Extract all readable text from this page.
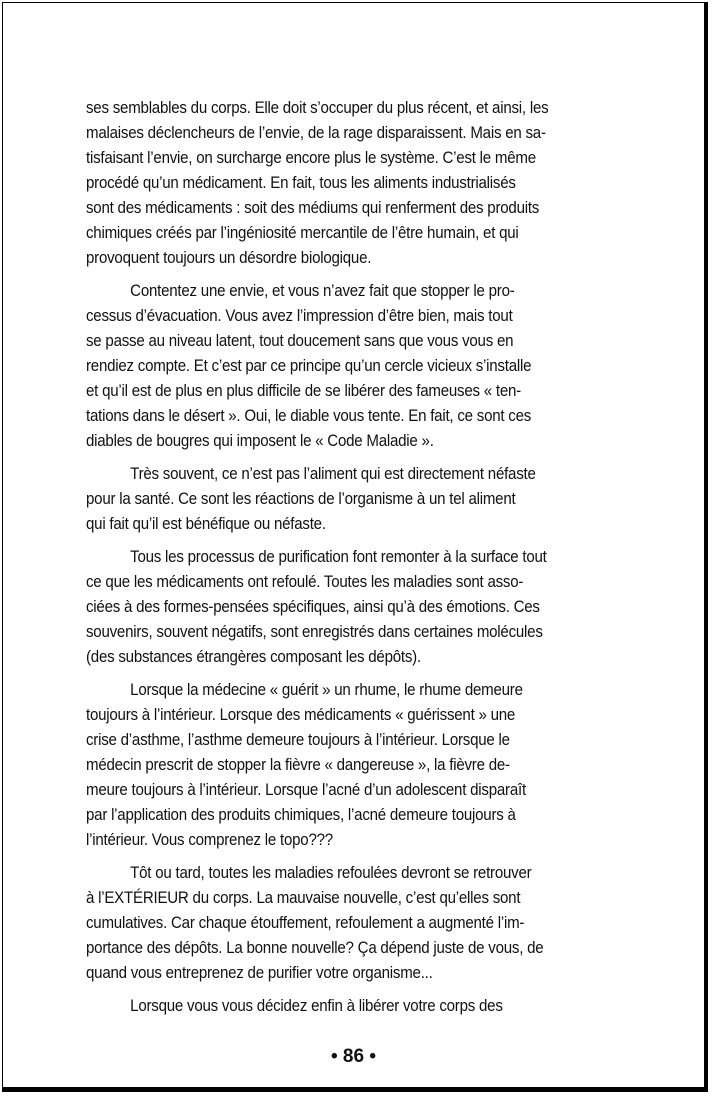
ses semblables du corps. Elle doit s’occuper du plus récent, et ainsi, les
malaises déclencheurs de l’envie, de la rage disparaissent. Mais en sa-
tisfaisant l’envie, on surcharge encore plus le système. C’est le même
procédé qu’un médicament. En fait, tous les aliments industrialisés
sont des médicaments : soit des médiums qui renferment des produits
chimiques créés par l’ingéniosité mercantile de l’être humain, et qui
provoquent toujours un désordre biologique.

Contentez une envie, et vous n’avez fait que stopper le pro-
cessus d’évacuation. Vous avez l’impression d’être bien, mais tout
se passe au niveau latent, tout doucement sans que vous vous en
rendiez compte. Et c’est par ce principe qu’un cercle vicieux s’installe
et qu’il est de plus en plus difficile de se libérer des fameuses « ten-
tations dans le désert ». Oui, le diable vous tente. En fait, ce sont ces
diables de bougres qui imposent le « Code Maladie ».

Très souvent, ce n’est pas l’aliment qui est directement néfaste
pour la santé. Ce sont les réactions de l’organisme à un tel aliment
qui fait qu’il est bénéfique ou néfaste.

Tous les processus de purification font remonter à la surface tout
ce que les médicaments ont refoulé. Toutes les maladies sont asso-
ciées à des formes-pensées spécifiques, ainsi qu’à des émotions. Ces
souvenirs, souvent négatifs, sont enregistrés dans certaines molécules
(des substances étrangères composant les dépôts).

Lorsque la médecine « guérit » un rhume, le rhume demeure
toujours à l’intérieur. Lorsque des médicaments « guérissent » une
crise d’asthme, l’asthme demeure toujours à l’intérieur. Lorsque le
médecin prescrit de stopper la fièvre « dangereuse », la fièvre de-
meure toujours à l’intérieur. Lorsque l’acné d’un adolescent disparaît
par l’application des produits chimiques, l’acné demeure toujours à
l’intérieur. Vous comprenez le topo???

Tôt ou tard, toutes les maladies refoulées devront se retrouver
à l’EXTÉRIEUR du corps. La mauvaise nouvelle, c’est qu’elles sont
cumulatives. Car chaque étouffement, refoulement a augmenté l’im-
portance des dépôts. La bonne nouvelle? Ça dépend juste de vous, de
quand vous entreprenez de purifier votre organisme...

Lorsque vous vous décidez enfin à libérer votre corps des

• 86 •
